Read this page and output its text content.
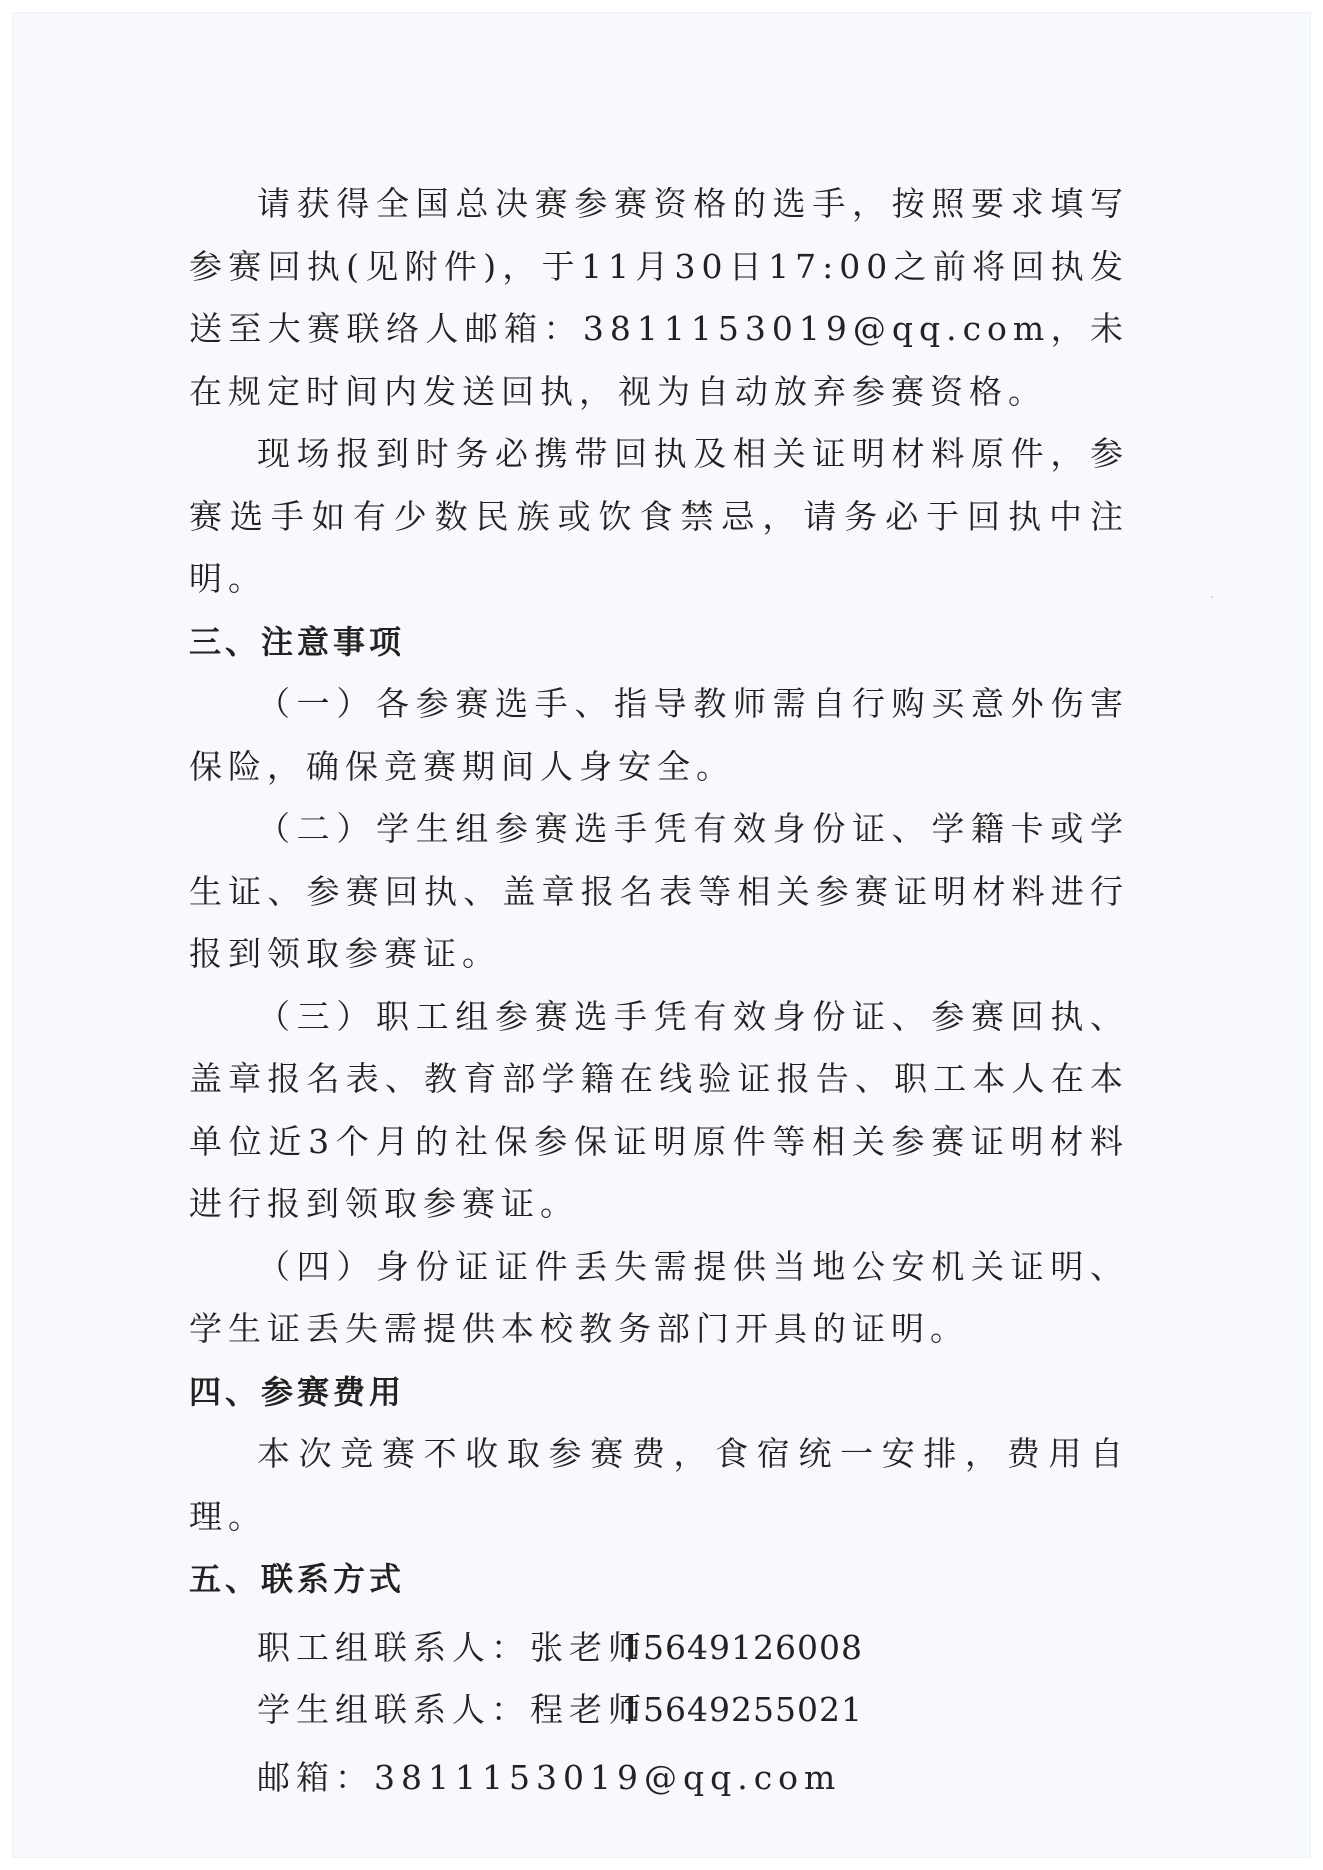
请获得全国总决赛参赛资格的选手，按照要求填写参赛回执(见附件)，于11月30日17:00之前将回执发送至大赛联络人邮箱：3811153019@qq.com，未在规定时间内发送回执，视为自动放弃参赛资格。

现场报到时务必携带回执及相关证明材料原件，参赛选手如有少数民族或饮食禁忌，请务必于回执中注明。

三、注意事项

（一）各参赛选手、指导教师需自行购买意外伤害保险，确保竞赛期间人身安全。

（二）学生组参赛选手凭有效身份证、学籍卡或学生证、参赛回执、盖章报名表等相关参赛证明材料进行报到领取参赛证。

（三）职工组参赛选手凭有效身份证、参赛回执、盖章报名表、教育部学籍在线验证报告、职工本人在本单位近3个月的社保参保证明原件等相关参赛证明材料进行报到领取参赛证。

（四）身份证证件丢失需提供当地公安机关证明、学生证丢失需提供本校教务部门开具的证明。

四、参赛费用

本次竞赛不收取参赛费，食宿统一安排，费用自理。

五、联系方式

职工组联系人：张老师
15649126008

学生组联系人：程老师
15649255021

邮箱：3811153019@qq.com
